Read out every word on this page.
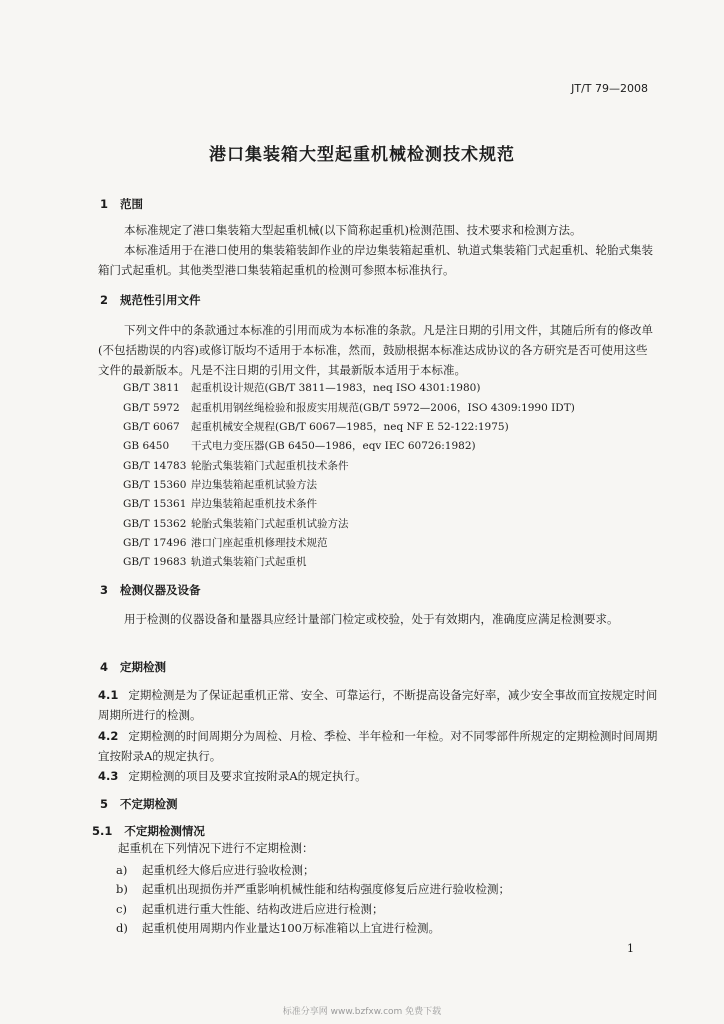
JT/T 79—2008
港口集装箱大型起重机械检测技术规范
1 范围
本标准规定了港口集装箱大型起重机械(以下简称起重机)检测范围、技术要求和检测方法。
本标准适用于在港口使用的集装箱装卸作业的岸边集装箱起重机、轨道式集装箱门式起重机、轮胎式集装箱门式起重机。其他类型港口集装箱起重机的检测可参照本标准执行。
2 规范性引用文件
下列文件中的条款通过本标准的引用而成为本标准的条款。凡是注日期的引用文件，其随后所有的修改单(不包括勘误的内容)或修订版均不适用于本标准，然而，鼓励根据本标准达成协议的各方研究是否可使用这些文件的最新版本。凡是不注日期的引用文件，其最新版本适用于本标准。
GB/T 3811 起重机设计规范(GB/T 3811—1983，neq ISO 4301:1980)
GB/T 5972 起重机用钢丝绳检验和报废实用规范(GB/T 5972—2006，ISO 4309:1990 IDT)
GB/T 6067 起重机械安全规程(GB/T 6067—1985，neq NF E 52-122:1975)
GB 6450 干式电力变压器(GB 6450—1986，eqv IEC 60726:1982)
GB/T 14783 轮胎式集装箱门式起重机技术条件
GB/T 15360 岸边集装箱起重机试验方法
GB/T 15361 岸边集装箱起重机技术条件
GB/T 15362 轮胎式集装箱门式起重机试验方法
GB/T 17496 港口门座起重机修理技术规范
GB/T 19683 轨道式集装箱门式起重机
3 检测仪器及设备
用于检测的仪器设备和量器具应经计量部门检定或校验，处于有效期内，准确度应满足检测要求。
4 定期检测
4.1 定期检测是为了保证起重机正常、安全、可靠运行，不断提高设备完好率，减少安全事故而宜按规定时间周期所进行的检测。
4.2 定期检测的时间周期分为周检、月检、季检、半年检和一年检。对不同零部件所规定的定期检测时间周期宜按附录A的规定执行。
4.3 定期检测的项目及要求宜按附录A的规定执行。
5 不定期检测
5.1 不定期检测情况
起重机在下列情况下进行不定期检测：
a) 起重机经大修后应进行验收检测；
b) 起重机出现损伤并严重影响机械性能和结构强度修复后应进行验收检测；
c) 起重机进行重大性能、结构改进后应进行检测；
d) 起重机使用周期内作业量达100万标准箱以上宜进行检测。
1
标准分享网 www.bzfxw.com 免费下载
